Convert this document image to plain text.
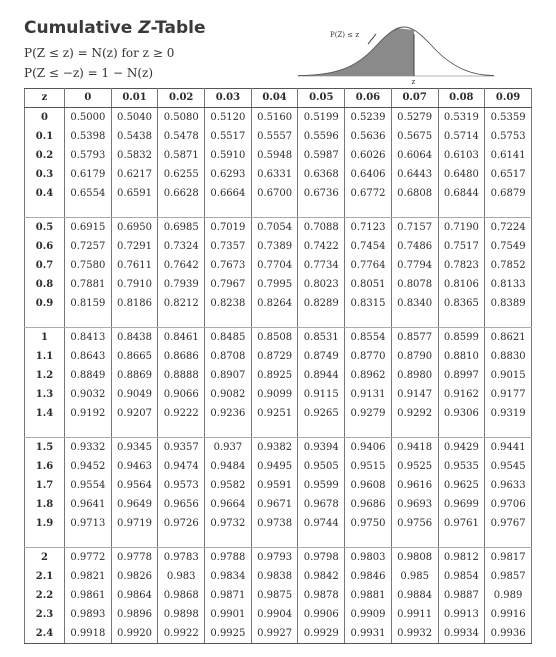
Cumulative Z-Table
P(Z ≤ z) = N(z) for z ≥ 0
P(Z ≤ −z) = 1 − N(z)
P(Z) ≤ z
z
z	0	0.01	0.02	0.03	0.04	0.05	0.06	0.07	0.08	0.09
0	0.5000	0.5040	0.5080	0.5120	0.5160	0.5199	0.5239	0.5279	0.5319	0.5359
0.1	0.5398	0.5438	0.5478	0.5517	0.5557	0.5596	0.5636	0.5675	0.5714	0.5753
0.2	0.5793	0.5832	0.5871	0.5910	0.5948	0.5987	0.6026	0.6064	0.6103	0.6141
0.3	0.6179	0.6217	0.6255	0.6293	0.6331	0.6368	0.6406	0.6443	0.6480	0.6517
0.4	0.6554	0.6591	0.6628	0.6664	0.6700	0.6736	0.6772	0.6808	0.6844	0.6879

0.5	0.6915	0.6950	0.6985	0.7019	0.7054	0.7088	0.7123	0.7157	0.7190	0.7224
0.6	0.7257	0.7291	0.7324	0.7357	0.7389	0.7422	0.7454	0.7486	0.7517	0.7549
0.7	0.7580	0.7611	0.7642	0.7673	0.7704	0.7734	0.7764	0.7794	0.7823	0.7852
0.8	0.7881	0.7910	0.7939	0.7967	0.7995	0.8023	0.8051	0.8078	0.8106	0.8133
0.9	0.8159	0.8186	0.8212	0.8238	0.8264	0.8289	0.8315	0.8340	0.8365	0.8389

1	0.8413	0.8438	0.8461	0.8485	0.8508	0.8531	0.8554	0.8577	0.8599	0.8621
1.1	0.8643	0.8665	0.8686	0.8708	0.8729	0.8749	0.8770	0.8790	0.8810	0.8830
1.2	0.8849	0.8869	0.8888	0.8907	0.8925	0.8944	0.8962	0.8980	0.8997	0.9015
1.3	0.9032	0.9049	0.9066	0.9082	0.9099	0.9115	0.9131	0.9147	0.9162	0.9177
1.4	0.9192	0.9207	0.9222	0.9236	0.9251	0.9265	0.9279	0.9292	0.9306	0.9319

1.5	0.9332	0.9345	0.9357	0.937	0.9382	0.9394	0.9406	0.9418	0.9429	0.9441
1.6	0.9452	0.9463	0.9474	0.9484	0.9495	0.9505	0.9515	0.9525	0.9535	0.9545
1.7	0.9554	0.9564	0.9573	0.9582	0.9591	0.9599	0.9608	0.9616	0.9625	0.9633
1.8	0.9641	0.9649	0.9656	0.9664	0.9671	0.9678	0.9686	0.9693	0.9699	0.9706
1.9	0.9713	0.9719	0.9726	0.9732	0.9738	0.9744	0.9750	0.9756	0.9761	0.9767

2	0.9772	0.9778	0.9783	0.9788	0.9793	0.9798	0.9803	0.9808	0.9812	0.9817
2.1	0.9821	0.9826	0.983	0.9834	0.9838	0.9842	0.9846	0.985	0.9854	0.9857
2.2	0.9861	0.9864	0.9868	0.9871	0.9875	0.9878	0.9881	0.9884	0.9887	0.989
2.3	0.9893	0.9896	0.9898	0.9901	0.9904	0.9906	0.9909	0.9911	0.9913	0.9916
2.4	0.9918	0.9920	0.9922	0.9925	0.9927	0.9929	0.9931	0.9932	0.9934	0.9936
